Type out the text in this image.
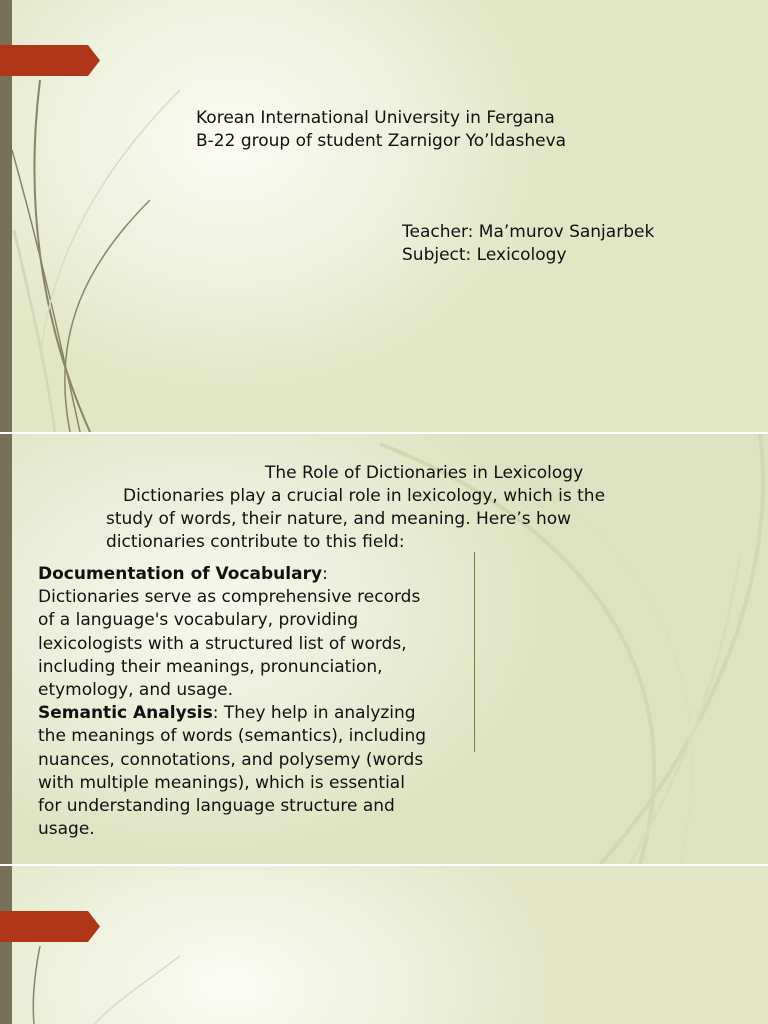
Korean International University in Fergana

B-22 group of student Zarnigor Yo’ldasheva

Teacher: Ma’murov Sanjarbek

Subject: Lexicology

The Role of Dictionaries in Lexicology

Dictionaries play a crucial role in lexicology, which is the

study of words, their nature, and meaning. Here’s how

dictionaries contribute to this field:

Documentation of Vocabulary:
Dictionaries serve as comprehensive records
of a language's vocabulary, providing
lexicologists with a structured list of words,
including their meanings, pronunciation,
etymology, and usage.
Semantic Analysis: They help in analyzing
the meanings of words (semantics), including
nuances, connotations, and polysemy (words
with multiple meanings), which is essential
for understanding language structure and
usage.
